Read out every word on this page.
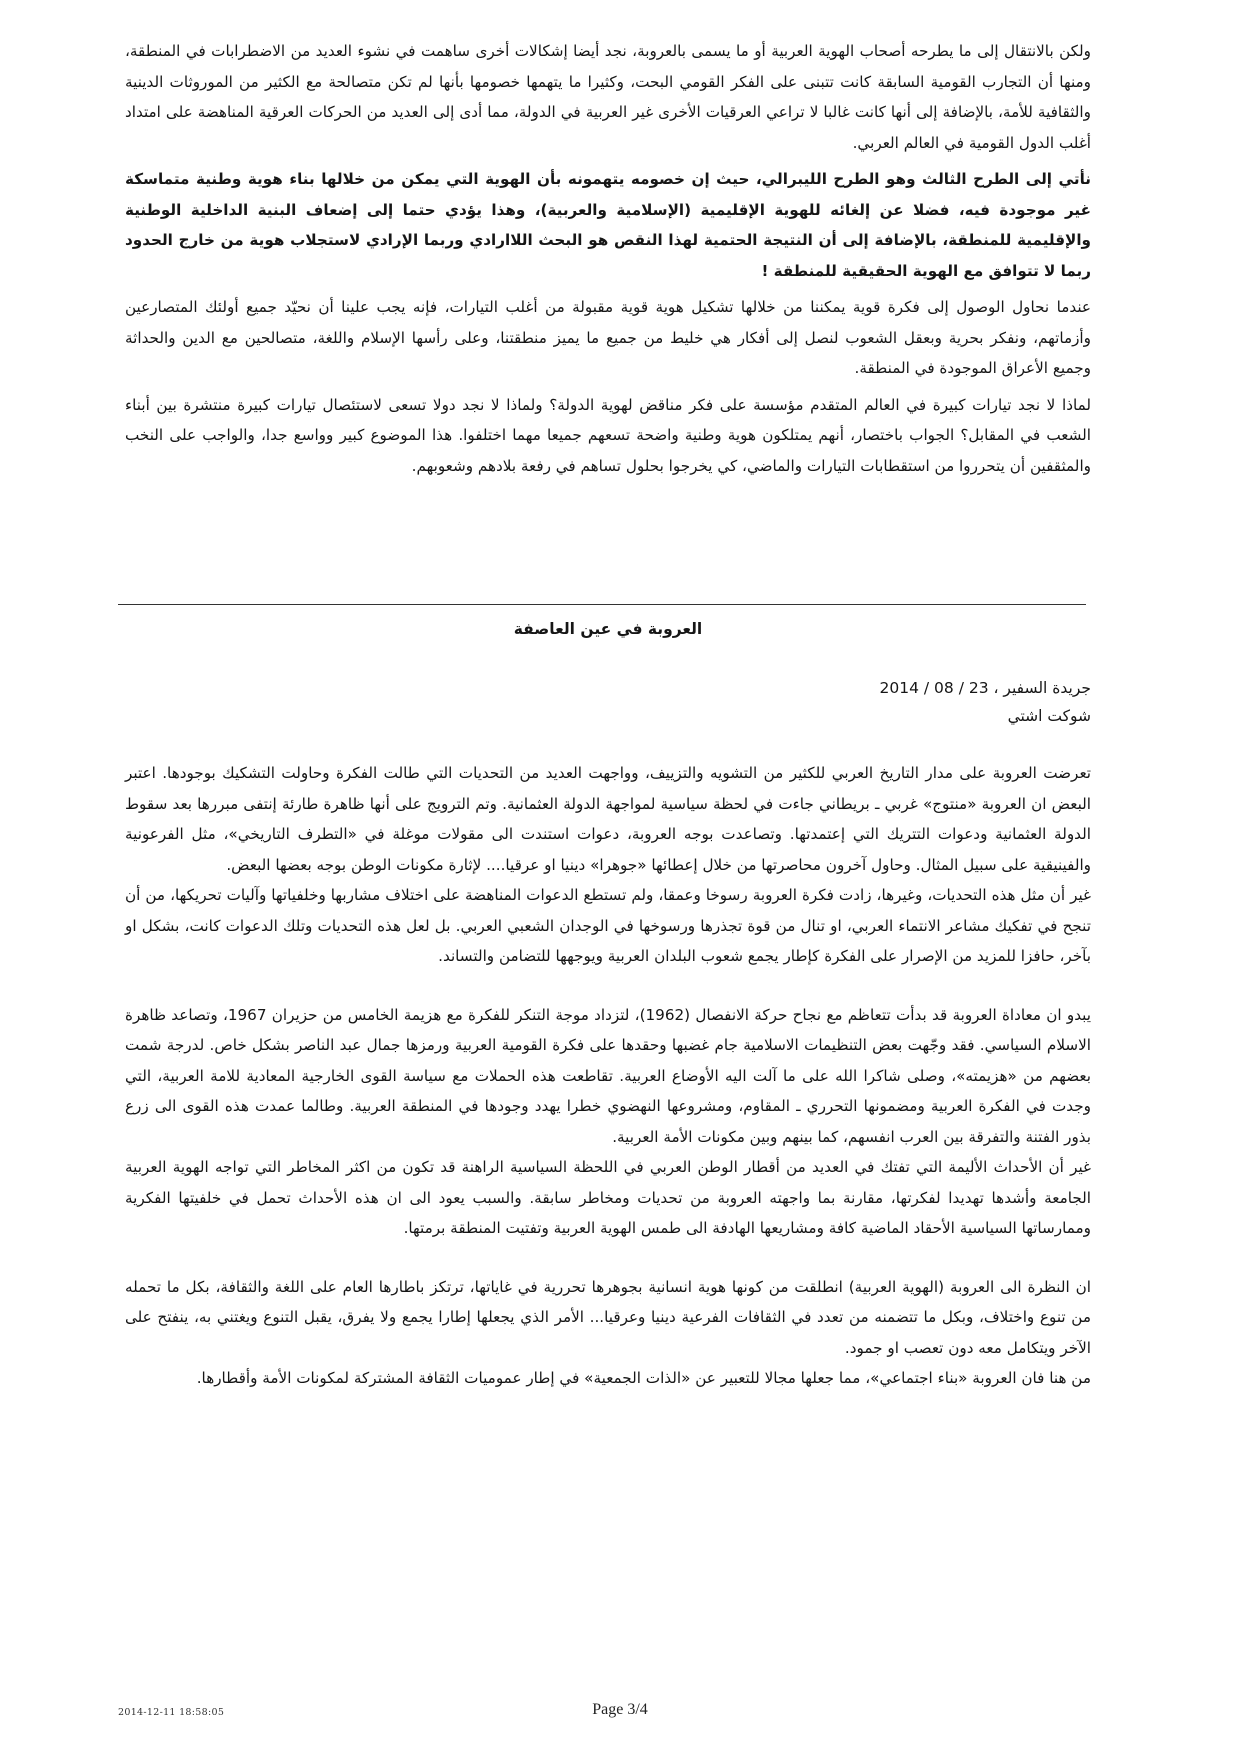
ولكن بالانتقال إلى ما يطرحه أصحاب الهوية العربية أو ما يسمى بالعروبة، نجد أيضا إشكالات أخرى ساهمت في نشوء العديد من الاضطرابات في المنطقة، ومنها أن التجارب القومية السابقة كانت تتبنى على الفكر القومي البحت، وكثيرا ما يتهمها خصومها بأنها لم تكن متصالحة مع الكثير من الموروثات الدينية والثقافية للأمة، بالإضافة إلى أنها كانت غالبا لا تراعي العرقيات الأخرى غير العربية في الدولة، مما أدى إلى العديد من الحركات العرقية المناهضة على امتداد أغلب الدول القومية في العالم العربي.

نأتي إلى الطرح الثالث وهو الطرح الليبرالي، حيث إن خصومه يتهمونه بأن الهوية التي يمكن من خلالها بناء هوية وطنية متماسكة غير موجودة فيه، فضلا عن إلغائه للهوية الإقليمية (الإسلامية والعربية)، وهذا يؤدي حتما إلى إضعاف البنية الداخلية الوطنية والإقليمية للمنطقة، بالإضافة إلى أن النتيجة الحتمية لهذا النقص هو البحث اللاارادي وربما الإرادي لاستجلاب هوية من خارج الحدود ربما لا تتوافق مع الهوية الحقيقية للمنطقة !

عندما نحاول الوصول إلى فكرة قوية يمكننا من خلالها تشكيل هوية قوية مقبولة من أغلب التيارات، فإنه يجب علينا أن نحيّد جميع أولئك المتصارعين وأزماتهم، ونفكر بحرية وبعقل الشعوب لنصل إلى أفكار هي خليط من جميع ما يميز منطقتنا، وعلى رأسها الإسلام واللغة، متصالحين مع الدين والحداثة وجميع الأعراق الموجودة في المنطقة.

لماذا لا نجد تيارات كبيرة في العالم المتقدم مؤسسة على فكر مناقض لهوية الدولة؟ ولماذا لا نجد دولا تسعى لاستئصال تيارات كبيرة منتشرة بين أبناء الشعب في المقابل؟ الجواب باختصار، أنهم يمتلكون هوية وطنية واضحة تسعهم جميعا مهما اختلفوا. هذا الموضوع كبير وواسع جدا، والواجب على النخب والمثقفين أن يتحرروا من استقطابات التيارات والماضي، كي يخرجوا بحلول تساهم في رفعة بلادهم وشعوبهم.

العروبة في عين العاصفة
جريدة السفير ، 23 / 08 / 2014
شوكت اشتي

تعرضت العروبة على مدار التاريخ العربي للكثير من التشويه والتزييف، وواجهت العديد من التحديات التي طالت الفكرة وحاولت التشكيك بوجودها. اعتبر البعض ان العروبة «منتوج» غربي ـ بريطاني جاءت في لحظة سياسية لمواجهة الدولة العثمانية. وتم الترويج على أنها ظاهرة طارئة إنتفى مبررها بعد سقوط الدولة العثمانية ودعوات التتريك التي إعتمدتها. وتصاعدت بوجه العروبة، دعوات استندت الى مقولات موغلة في «التطرف التاريخي»، مثل الفرعونية والفينيقية على سبيل المثال. وحاول آخرون محاصرتها من خلال إعطائها «جوهرا» دينيا او عرقيا.... لإثارة مكونات الوطن بوجه بعضها البعض.

غير أن مثل هذه التحديات، وغيرها، زادت فكرة العروبة رسوخا وعمقا، ولم تستطع الدعوات المناهضة على اختلاف مشاربها وخلفياتها وآليات تحريكها، من أن تنجح في تفكيك مشاعر الانتماء العربي، او تنال من قوة تجذرها ورسوخها في الوجدان الشعبي العربي. بل لعل هذه التحديات وتلك الدعوات كانت، بشكل او بآخر، حافزا للمزيد من الإصرار على الفكرة كإطار يجمع شعوب البلدان العربية ويوجهها للتضامن والتساند.

يبدو ان معاداة العروبة قد بدأت تتعاظم مع نجاح حركة الانفصال (1962)، لتزداد موجة التنكر للفكرة مع هزيمة الخامس من حزيران 1967، وتصاعد ظاهرة الاسلام السياسي. فقد وجّهت بعض التنظيمات الاسلامية جام غضبها وحقدها على فكرة القومية العربية ورمزها جمال عبد الناصر بشكل خاص. لدرجة شمت بعضهم من «هزيمته»، وصلى شاكرا الله على ما آلت اليه الأوضاع العربية. تقاطعت هذه الحملات مع سياسة القوى الخارجية المعادية للامة العربية، التي وجدت في الفكرة العربية ومضمونها التحرري ـ المقاوم، ومشروعها النهضوي خطرا يهدد وجودها في المنطقة العربية. وطالما عمدت هذه القوى الى زرع بذور الفتنة والتفرقة بين العرب انفسهم، كما بينهم وبين مكونات الأمة العربية.

غير أن الأحداث الأليمة التي تفتك في العديد من أقطار الوطن العربي في اللحظة السياسية الراهنة قد تكون من اكثر المخاطر التي تواجه الهوية العربية الجامعة وأشدها تهديدا لفكرتها، مقارنة بما واجهته العروبة من تحديات ومخاطر سابقة. والسبب يعود الى ان هذه الأحداث تحمل في خلفيتها الفكرية وممارساتها السياسية الأحقاد الماضية كافة ومشاريعها الهادفة الى طمس الهوية العربية وتفتيت المنطقة برمتها.

ان النظرة الى العروبة (الهوية العربية) انطلقت من كونها هوية انسانية بجوهرها تحررية في غاياتها، ترتكز باطارها العام على اللغة والثقافة، بكل ما تحمله من تنوع واختلاف، وبكل ما تتضمنه من تعدد في الثقافات الفرعية دينيا وعرقيا... الأمر الذي يجعلها إطارا يجمع ولا يفرق، يقبل التنوع ويغتني به، ينفتح على الآخر ويتكامل معه دون تعصب او جمود.

من هنا فان العروبة «بناء اجتماعي»، مما جعلها مجالا للتعبير عن «الذات الجمعية» في إطار عموميات الثقافة المشتركة لمكونات الأمة وأقطارها.

2014-12-11 18:58:05	Page 3/4
